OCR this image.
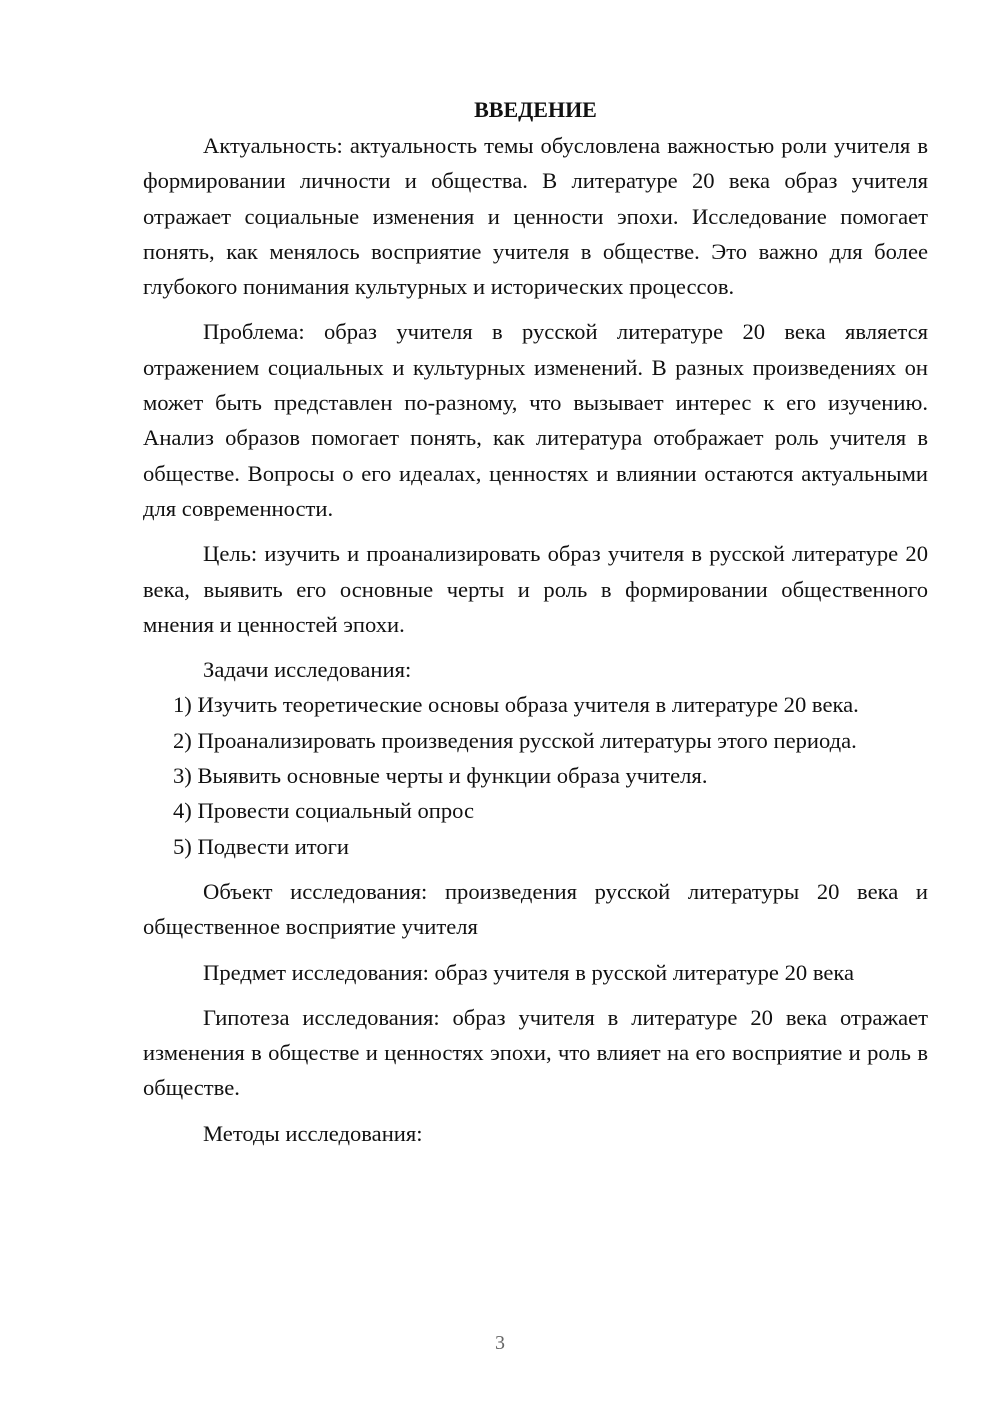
ВВЕДЕНИЕ

Актуальность: актуальность темы обусловлена важностью роли учителя в формировании личности и общества. В литературе 20 века образ учителя отражает социальные изменения и ценности эпохи. Исследование помогает понять, как менялось восприятие учителя в обществе. Это важно для более глубокого понимания культурных и исторических процессов.

Проблема: образ учителя в русской литературе 20 века является отражением социальных и культурных изменений. В разных произведениях он может быть представлен по-разному, что вызывает интерес к его изучению. Анализ образов помогает понять, как литература отображает роль учителя в обществе. Вопросы о его идеалах, ценностях и влиянии остаются актуальными для современности.

Цель: изучить и проанализировать образ учителя в русской литературе 20 века, выявить его основные черты и роль в формировании общественного мнения и ценностей эпохи.

Задачи исследования:

1) Изучить теоретические основы образа учителя в литературе 20 века.

2) Проанализировать произведения русской литературы этого периода.

3) Выявить основные черты и функции образа учителя.

4) Провести социальный опрос

5) Подвести итоги

Объект исследования: произведения русской литературы 20 века и общественное восприятие учителя

Предмет исследования: образ учителя в русской литературе 20 века

Гипотеза исследования: образ учителя в литературе 20 века отражает изменения в обществе и ценностях эпохи, что влияет на его восприятие и роль в обществе.

Методы исследования:

3
